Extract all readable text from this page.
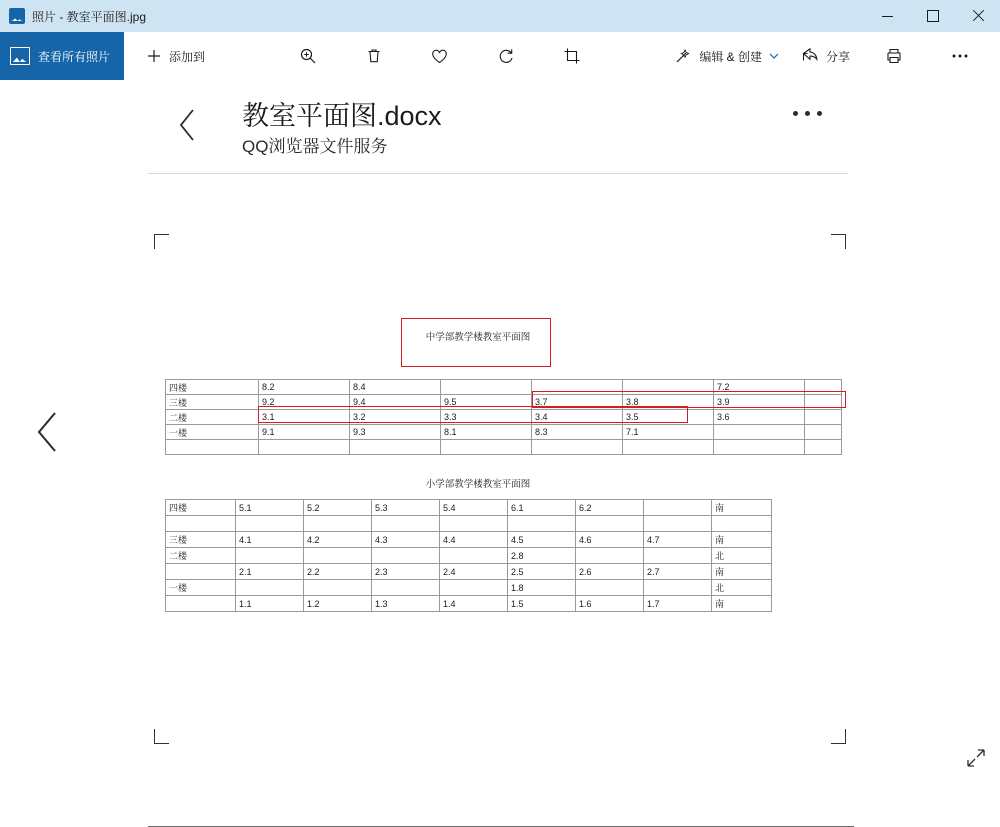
照片 - 教室平面图.jpg
查看所有照片	添加到	编辑 & 创建	分享
教室平面图.docx
QQ浏览器文件服务
中学部教学楼教室平面图
四楼	8.2	8.4				7.2	
三楼	9.2	9.4	9.5	3.7	3.8	3.9	
二楼	3.1	3.2	3.3	3.4	3.5	3.6	
一楼	9.1	9.3	8.1	8.3	7.1		

小学部教学楼教室平面图
四楼	5.1	5.2	5.3	5.4	6.1	6.2		南

三楼	4.1	4.2	4.3	4.4	4.5	4.6	4.7	南
二楼					2.8			北
	2.1	2.2	2.3	2.4	2.5	2.6	2.7	南
一楼					1.8			北
	1.1	1.2	1.3	1.4	1.5	1.6	1.7	南
